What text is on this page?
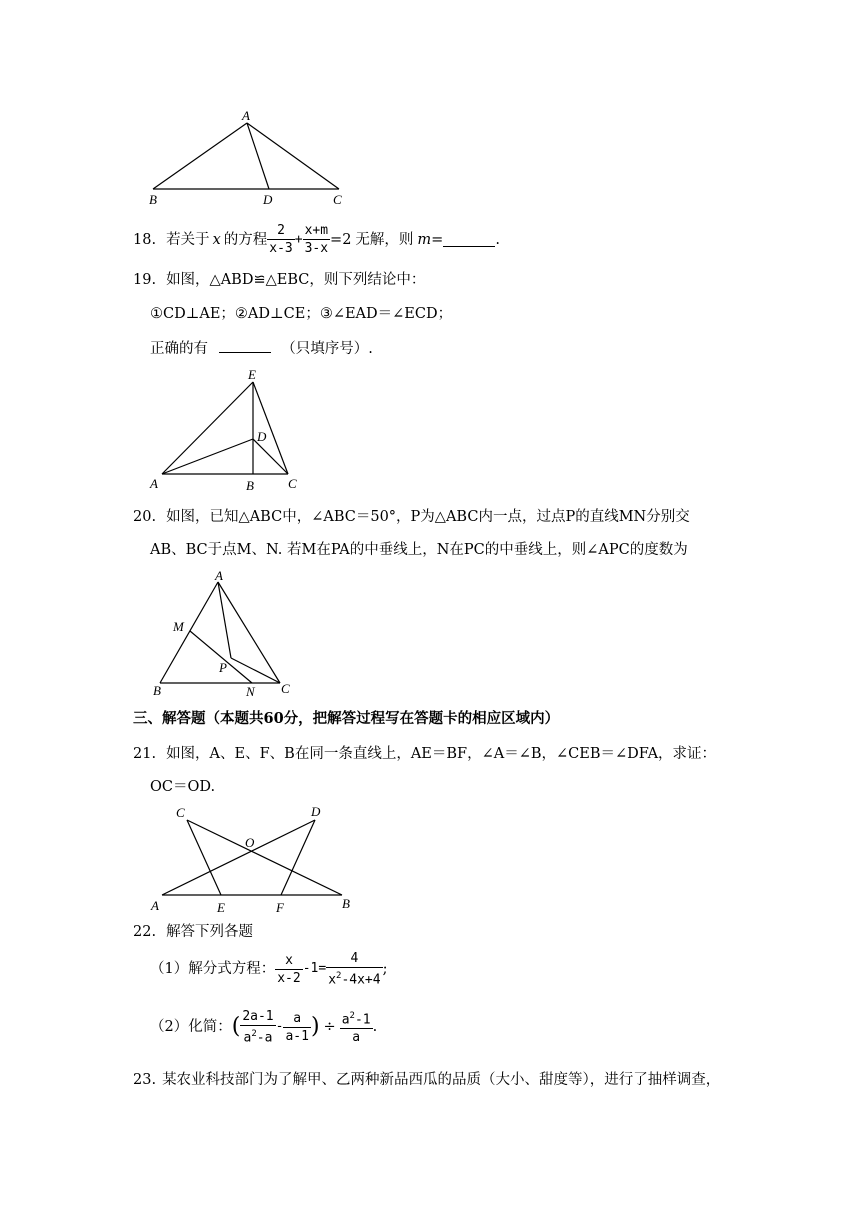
A
B	D	C
18. 若关于 x 的方程 $\frac{2}{x-3} + \frac{x+m}{3-x} =2$ 无解，则 m =	.
19. 如图，△ABD≌△EBC，则下列结论中：
①CD⊥AE；②AD⊥CE；③∠EAD＝∠ECD；
正确的有	（只填序号）.
E
D
A	B	C
20. 如图，已知△ABC中，∠ABC＝50°，P为△ABC内一点，过点P的直线MN分别交
AB、BC于点M、N. 若M在PA的中垂线上，N在PC的中垂线上，则∠APC的度数为
A
M
P
B	N C
三、解答题（本题共60分，把解答过程写在答题卡的相应区域内）
21. 如图，A、E、F、B在同一条直线上，AE＝BF，∠A＝∠B，∠CEB＝∠DFA，求证：
OC＝OD.
C	D
O
A	E	F	B
22. 解答下列各题
（1）解分式方程： $\frac{x}{x-2} -1= \frac{4}{x^2-4x+4}$ ;
（2）化简： ( $\frac{2a-1}{a^2-a} - \frac{a}{a-1}$ ) ÷ $\frac{a^2-1}{a}$ .
23. 某农业科技部门为了解甲、乙两种新品西瓜的品质（大小、甜度等），进行了抽样调查，
